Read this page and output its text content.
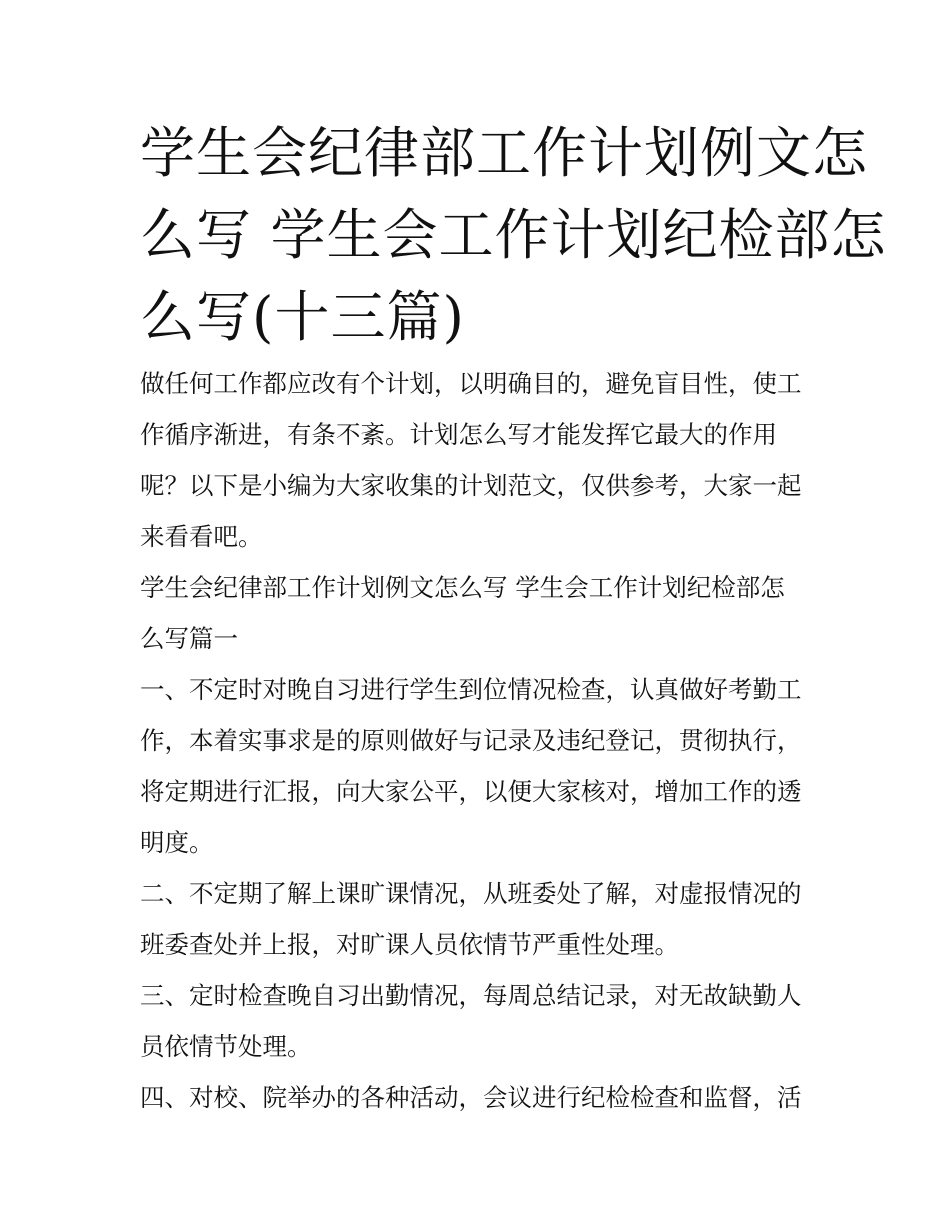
学生会纪律部工作计划例文怎
么写 学生会工作计划纪检部怎
么写(十三篇)
做任何工作都应改有个计划，以明确目的，避免盲目性，使工
作循序渐进，有条不紊。计划怎么写才能发挥它最大的作用
呢？以下是小编为大家收集的计划范文，仅供参考，大家一起
来看看吧。
学生会纪律部工作计划例文怎么写 学生会工作计划纪检部怎
么写篇一
一、不定时对晚自习进行学生到位情况检查，认真做好考勤工
作，本着实事求是的原则做好与记录及违纪登记，贯彻执行，
将定期进行汇报，向大家公平，以便大家核对，增加工作的透
明度。
二、不定期了解上课旷课情况，从班委处了解，对虚报情况的
班委查处并上报，对旷课人员依情节严重性处理。
三、定时检查晚自习出勤情况，每周总结记录，对无故缺勤人
员依情节处理。
四、对校、院举办的各种活动，会议进行纪检检查和监督，活
